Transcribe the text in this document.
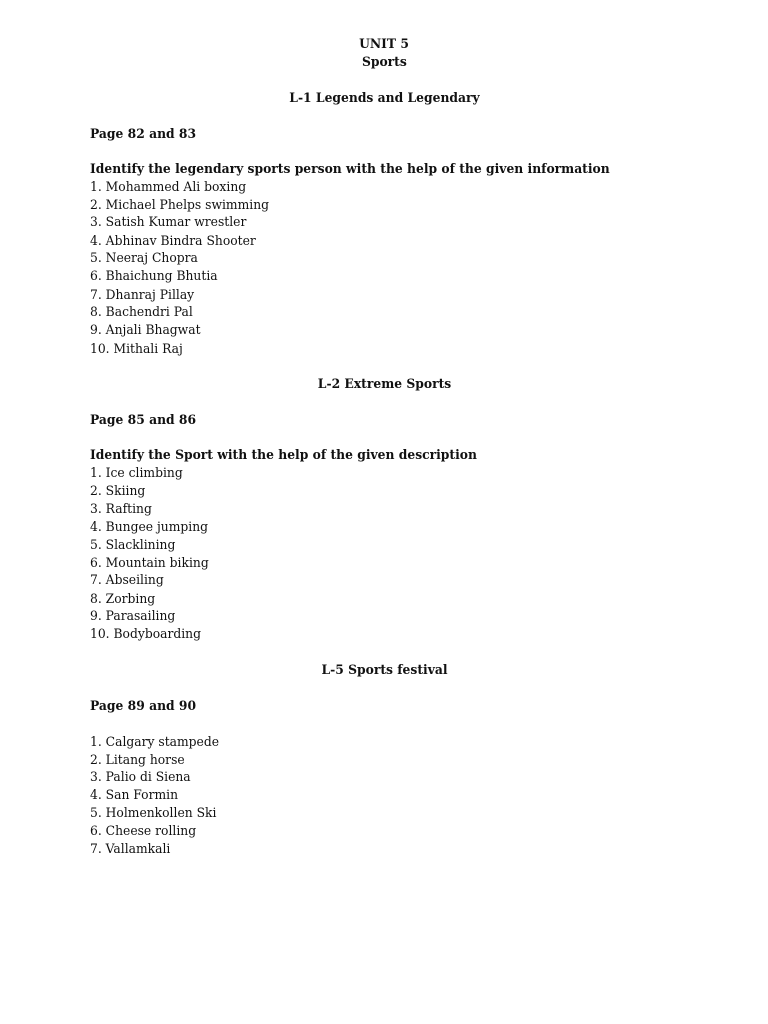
UNIT 5
Sports
L-1 Legends and Legendary
Page 82 and 83
Identify the legendary sports person with the help of the given information
1. Mohammed Ali boxing
2. Michael Phelps swimming
3. Satish Kumar wrestler
4. Abhinav Bindra Shooter
5. Neeraj Chopra
6. Bhaichung Bhutia
7. Dhanraj Pillay
8. Bachendri Pal
9. Anjali Bhagwat
10. Mithali Raj
L-2 Extreme Sports
Page 85 and 86
Identify the Sport with the help of the given description
1. Ice climbing
2. Skiing
3. Rafting
4. Bungee jumping
5. Slacklining
6. Mountain biking
7. Abseiling
8. Zorbing
9. Parasailing
10. Bodyboarding
L-5 Sports festival
Page 89 and 90
1. Calgary stampede
2. Litang horse
3. Palio di Siena
4. San Formin
5. Holmenkollen Ski
6. Cheese rolling
7. Vallamkali
